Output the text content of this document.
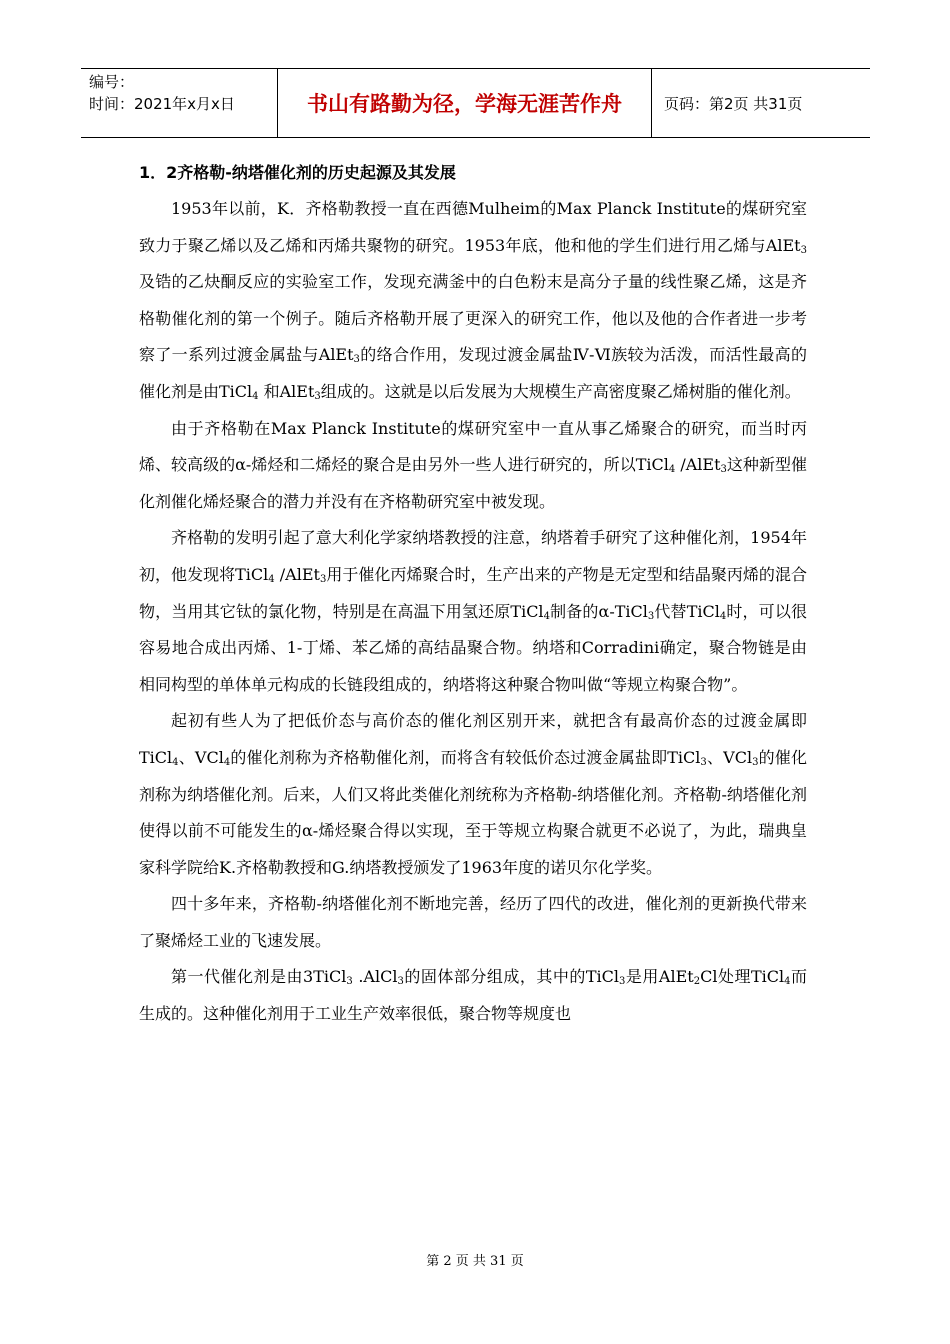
编号：
时间：2021年x月x日	书山有路勤为径，学海无涯苦作舟	页码：第2页 共31页
1．2齐格勒-纳塔催化剂的历史起源及其发展

1953年以前，K．齐格勒教授一直在西德Mulheim的Max Planck Institute的煤研究室致力于聚乙烯以及乙烯和丙烯共聚物的研究。1953年底，他和他的学生们进行用乙烯与AlEt$_3$及锆的乙炔酮反应的实验室工作，发现充满釜中的白色粉末是高分子量的线性聚乙烯，这是齐格勒催化剂的第一个例子。随后齐格勒开展了更深入的研究工作，他以及他的合作者进一步考察了一系列过渡金属盐与AlEt$_3$的络合作用，发现过渡金属盐Ⅳ-Ⅵ族较为活泼，而活性最高的催化剂是由TiCl$_4$ 和AlEt$_3$组成的。这就是以后发展为大规模生产高密度聚乙烯树脂的催化剂。

由于齐格勒在Max Planck Institute的煤研究室中一直从事乙烯聚合的研究，而当时丙烯、较高级的α-烯烃和二烯烃的聚合是由另外一些人进行研究的，所以TiCl$_4$ /AlEt$_3$这种新型催化剂催化烯烃聚合的潜力并没有在齐格勒研究室中被发现。

齐格勒的发明引起了意大利化学家纳塔教授的注意，纳塔着手研究了这种催化剂，1954年初，他发现将TiCl$_4$ /AlEt$_3$用于催化丙烯聚合时，生产出来的产物是无定型和结晶聚丙烯的混合物，当用其它钛的氯化物，特别是在高温下用氢还原TiCl$_4$制备的α-TiCl$_3$代替TiCl$_4$时，可以很容易地合成出丙烯、1-丁烯、苯乙烯的高结晶聚合物。纳塔和Corradini确定，聚合物链是由相同构型的单体单元构成的长链段组成的，纳塔将这种聚合物叫做“等规立构聚合物”。

起初有些人为了把低价态与高价态的催化剂区别开来，就把含有最高价态的过渡金属即TiCl$_4$、VCl$_4$的催化剂称为齐格勒催化剂，而将含有较低价态过渡金属盐即TiCl$_3$、VCl$_3$的催化剂称为纳塔催化剂。后来，人们又将此类催化剂统称为齐格勒-纳塔催化剂。齐格勒-纳塔催化剂使得以前不可能发生的α-烯烃聚合得以实现，至于等规立构聚合就更不必说了，为此，瑞典皇家科学院给K.齐格勒教授和G.纳塔教授颁发了1963年度的诺贝尔化学奖。

四十多年来，齐格勒-纳塔催化剂不断地完善，经历了四代的改进，催化剂的更新换代带来了聚烯烃工业的飞速发展。

第一代催化剂是由3TiCl$_3$ .AlCl$_3$的固体部分组成，其中的TiCl$_3$是用AlEt$_2$Cl处理TiCl$_4$而生成的。这种催化剂用于工业生产效率很低，聚合物等规度也

第 2 页 共 31 页
